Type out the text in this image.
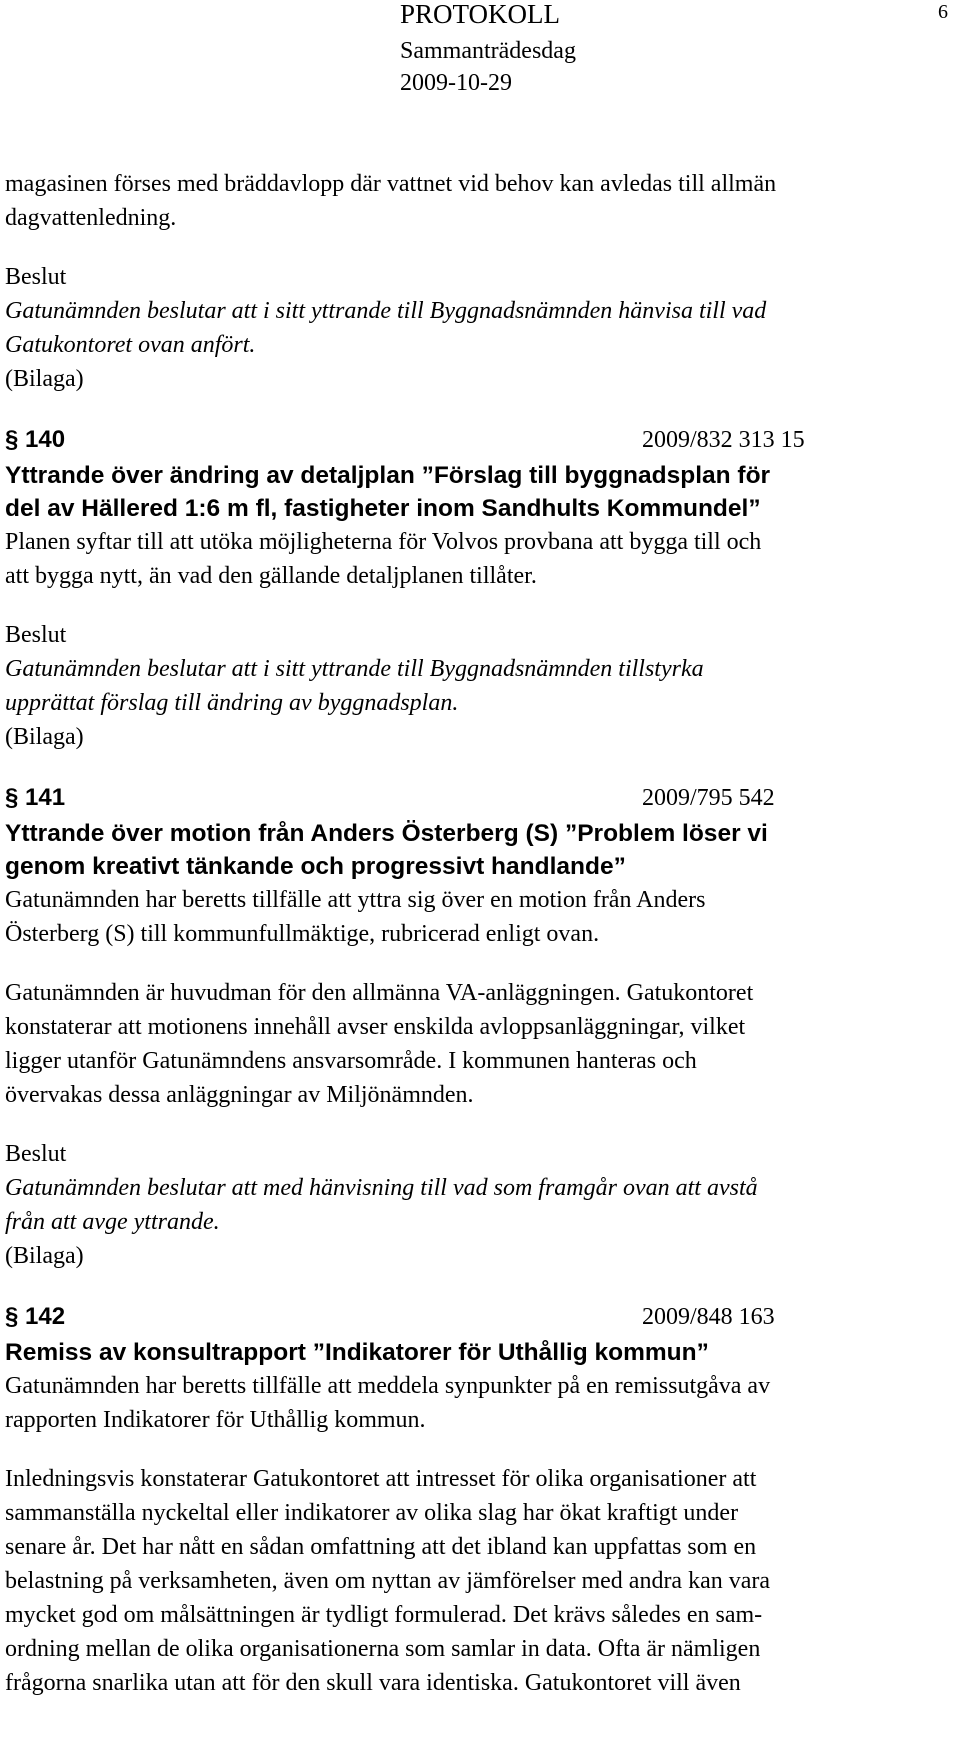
PROTOKOLL
Sammanträdesdag
2009-10-29
6

magasinen förses med bräddavlopp där vattnet vid behov kan avledas till allmän
dagvattenledning.

Beslut

Gatunämnden beslutar att i sitt yttrande till Byggnadsnämnden hänvisa till vad
Gatukontoret ovan anfört.

(Bilaga)

§ 140	2009/832 313 15

Yttrande över ändring av detaljplan ”Förslag till byggnadsplan för
del av Hällered 1:6 m fl, fastigheter inom Sandhults Kommundel”

Planen syftar till att utöka möjligheterna för Volvos provbana att bygga till och
att bygga nytt, än vad den gällande detaljplanen tillåter.

Beslut

Gatunämnden beslutar att i sitt yttrande till Byggnadsnämnden tillstyrka
upprättat förslag till ändring av byggnadsplan.

(Bilaga)

§ 141	2009/795 542

Yttrande över motion från Anders Österberg (S) ”Problem löser vi
genom kreativt tänkande och progressivt handlande”

Gatunämnden har beretts tillfälle att yttra sig över en motion från Anders
Österberg (S) till kommunfullmäktige, rubricerad enligt ovan.

Gatunämnden är huvudman för den allmänna VA-anläggningen. Gatukontoret
konstaterar att motionens innehåll avser enskilda avloppsanläggningar, vilket
ligger utanför Gatunämndens ansvarsområde. I kommunen hanteras och
övervakas dessa anläggningar av Miljönämnden.

Beslut

Gatunämnden beslutar att med hänvisning till vad som framgår ovan att avstå
från att avge yttrande.

(Bilaga)

§ 142	2009/848 163

Remiss av konsultrapport ”Indikatorer för Uthållig kommun”

Gatunämnden har beretts tillfälle att meddela synpunkter på en remissutgåva av
rapporten Indikatorer för Uthållig kommun.

Inledningsvis konstaterar Gatukontoret att intresset för olika organisationer att
sammanställa nyckeltal eller indikatorer av olika slag har ökat kraftigt under
senare år. Det har nått en sådan omfattning att det ibland kan uppfattas som en
belastning på verksamheten, även om nyttan av jämförelser med andra kan vara
mycket god om målsättningen är tydligt formulerad. Det krävs således en sam-
ordning mellan de olika organisationerna som samlar in data. Ofta är nämligen
frågorna snarlika utan att för den skull vara identiska. Gatukontoret vill även
